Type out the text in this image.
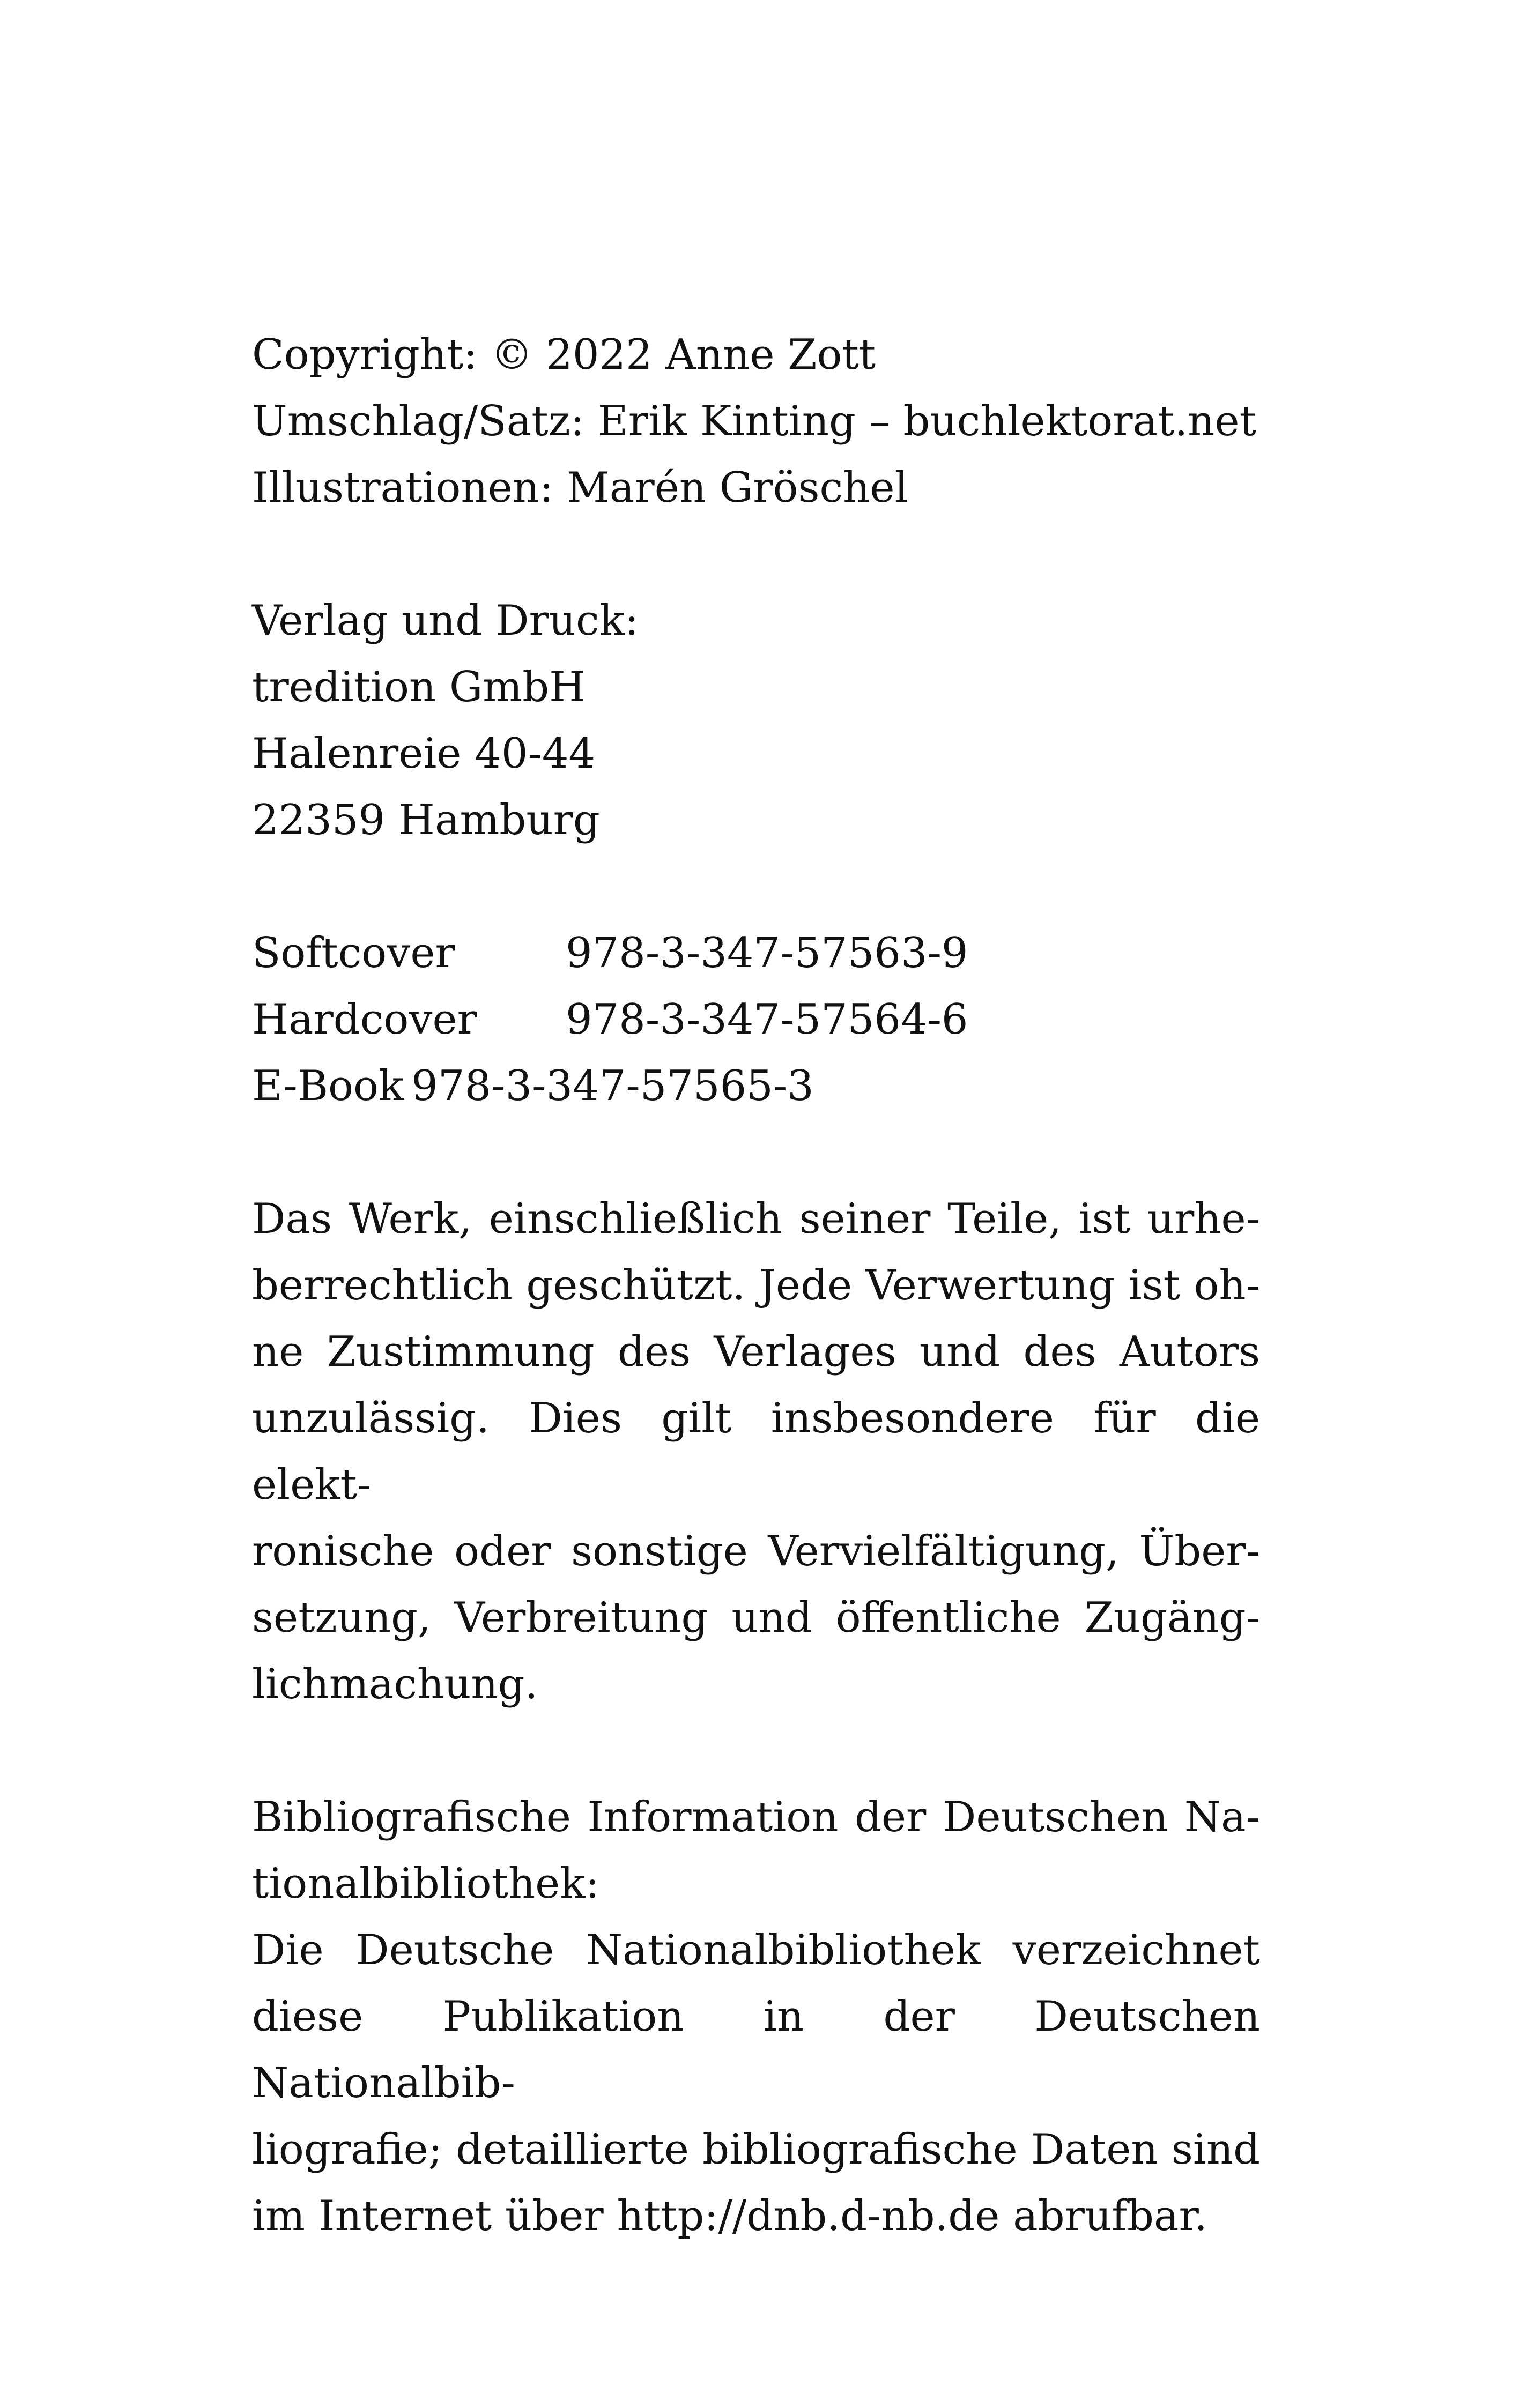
Copyright: © 2022 Anne Zott
Umschlag/Satz: Erik Kinting – buchlektorat.net
Illustrationen: Marén Gröschel
Verlag und Druck:
tredition GmbH
Halenreie 40-44
22359 Hamburg
Softcover	978-3-347-57563-9
Hardcover 978-3-347-57564-6
E-Book 978-3-347-57565-3
Das Werk, einschließlich seiner Teile, ist urhe-
berrechtlich geschützt. Jede Verwertung ist oh-
ne Zustimmung des Verlages und des Autors
unzulässig. Dies gilt insbesondere für die elekt-
ronische oder sonstige Vervielfältigung, Über-
setzung, Verbreitung und öffentliche Zugäng-
lichmachung.
Bibliografische Information der Deutschen Na-
tionalbibliothek:
Die Deutsche Nationalbibliothek verzeichnet
diese Publikation in der Deutschen Nationalbib-
liografie; detaillierte bibliografische Daten sind
im Internet über http://dnb.d-nb.de abrufbar.
